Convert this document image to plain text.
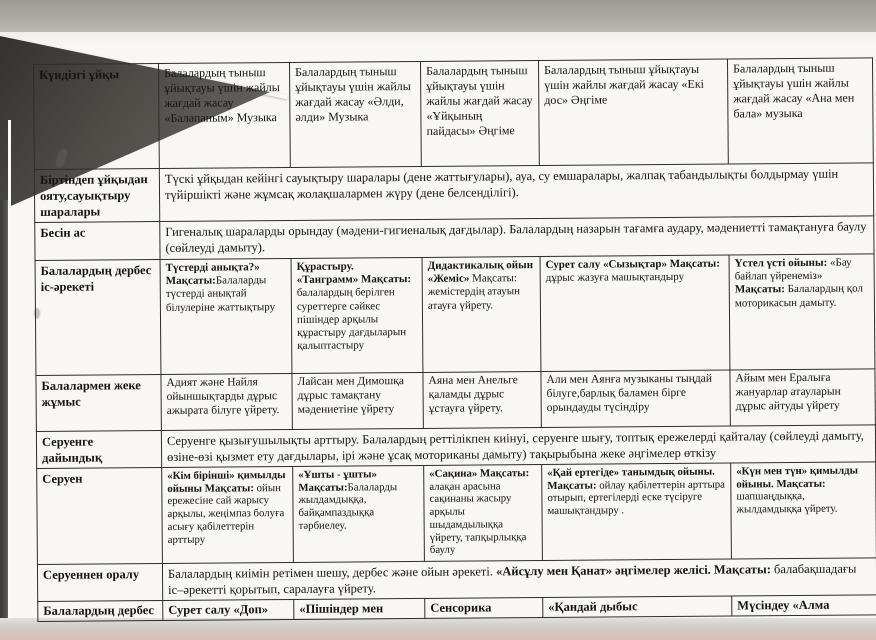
Күндізгі ұйқы	Балалардың тыныш ұйықтауы үшін жайлы жағдай жасау «Балапаным» Музыка	Балалардың тыныш ұйықтауы үшін жайлы жағдай жасау «Әлди, әлди» Музыка	Балалардың тыныш ұйықтауы үшін жайлы жағдай жасау «Ұйқының пайдасы» Әңгіме	Балалардың тыныш ұйықтауы үшін жайлы жағдай жасау «Екі дос» Әңгіме	Балалардың тыныш ұйықтауы үшін жайлы жағдай жасау «Ана мен бала» музыка
Біртіндеп ұйқыдан ояту,сауықтыру шаралары	Түскі ұйқыдан кейінгі сауықтыру шаралары (дене жаттығулары), ауа, су емшаралары, жалпақ табандылықты болдырмау үшін түйіршікті және жұмсақ жолақшалармен жүру (дене белсенділігі).				
Бесін ас	Гигеналық шараларды орындау (мәдени-гигиеналық дағдылар). Балалардың назарын тағамға аудару, мәдениетті тамақтануға баулу (сөйлеуді дамыту).				
Балалардың дербес іс-әрекеті	Түстерді анықта?» Мақсаты:Балаларды түстерді анықтай білулеріне жаттықтыру	Құрастыру. «Танграмм» Мақсаты: балалардың берілген суреттерге сәйкес пішіндер арқылы құрастыру дағдыларын қалыптастыру	Дидактикалық ойын «Жеміс» Мақсаты: жемістердің атауын атауға үйрету.	Сурет салу «Сызықтар» Мақсаты: дұрыс жазуға машықтандыру	Үстел үсті ойыны: «Бау байлап үйренеміз» Мақсаты: Балалардың қол моторикасын дамыту.
Балалармен жеке жұмыс	Адият және Найля ойыншықтарды дұрыс ажырата білуге үйрету.	Лайсан мен Димошқа дұрыс тамақтану мәдениетіне үйрету	Аяна мен Анельге қаламды дұрыс ұстауға үйрету.	Али мен Аянға музыканы тыңдай білуге,барлық баламен бірге орындауды түсіндіру	Айым мен Ералыға жануарлар атауларын дұрыс айтуды үйрету
Серуенге дайындық	Серуенге қызығушылықты арттыру. Балалардың реттілікпен киінуі, серуенге шығу, топтық ережелерді қайталау (сөйлеуді дамыту, өзіне-өзі қызмет ету дағдылары, ірі және ұсақ моториканы дамыту) тақырыбына жеке әңгімелер өткізу				
Серуен	«Кім бірінші» қимылды ойыны Мақсаты: ойын ережесіне сай жарысу арқылы, жеңімпаз болуға асығу қабілеттерін арттыру	«Ұшты - ұшты» Мақсаты:Балаларды жылдамдыққа, байқампаздыққа тәрбиелеу.	«Сақина» Мақсаты: алақан арасына сақинаны жасыру арқылы шыдамдылыққа үйрету, тапқырлыққа баулу	«Қай ертегіде» танымдық ойыны. Мақсаты: ойлау қабілеттерін арттыра отырып, ертегілерді еске түсіруге машықтандыру .	«Күн мен түн» қимылды ойыны. Мақсаты: шапшаңдыққа, жылдамдыққа үйрету.
Серуеннен оралу	Балалардың киімін ретімен шешу, дербес және ойын әрекеті. «Айсұлу мен Қанат» әңгімелер желісі. Мақсаты: балабақшадағы іс–әрекетті қорытып, саралауға үйрету.				
Балалардың дербес	Сурет салу «Доп»	«Пішіндер мен	Сенсорика	«Қандай дыбыс	Мүсіндеу «Алма
